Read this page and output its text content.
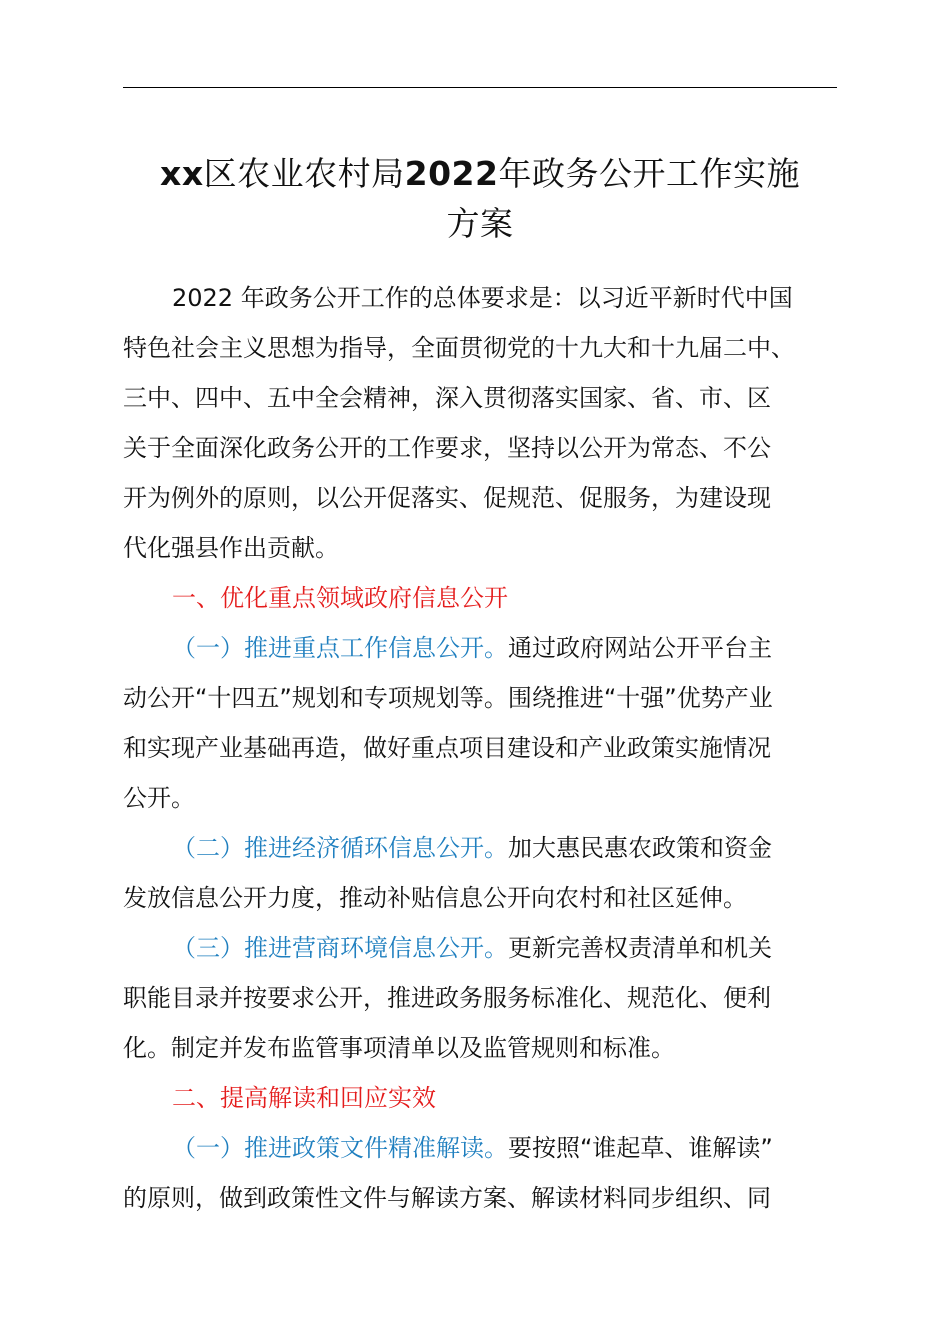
xx区农业农村局2022年政务公开工作实施
方案

2022 年政务公开工作的总体要求是：以习近平新时代中国

特色社会主义思想为指导，全面贯彻党的十九大和十九届二中、

三中、四中、五中全会精神，深入贯彻落实国家、省、市、区

关于全面深化政务公开的工作要求，坚持以公开为常态、不公

开为例外的原则，以公开促落实、促规范、促服务，为建设现

代化强县作出贡献。

一、优化重点领域政府信息公开

（一）推进重点工作信息公开。通过政府网站公开平台主

动公开“十四五”规划和专项规划等。围绕推进“十强”优势产业

和实现产业基础再造，做好重点项目建设和产业政策实施情况

公开。

（二）推进经济循环信息公开。加大惠民惠农政策和资金

发放信息公开力度，推动补贴信息公开向农村和社区延伸。

（三）推进营商环境信息公开。更新完善权责清单和机关

职能目录并按要求公开，推进政务服务标准化、规范化、便利

化。制定并发布监管事项清单以及监管规则和标准。

二、提高解读和回应实效

（一）推进政策文件精准解读。要按照“谁起草、谁解读”

的原则，做到政策性文件与解读方案、解读材料同步组织、同
